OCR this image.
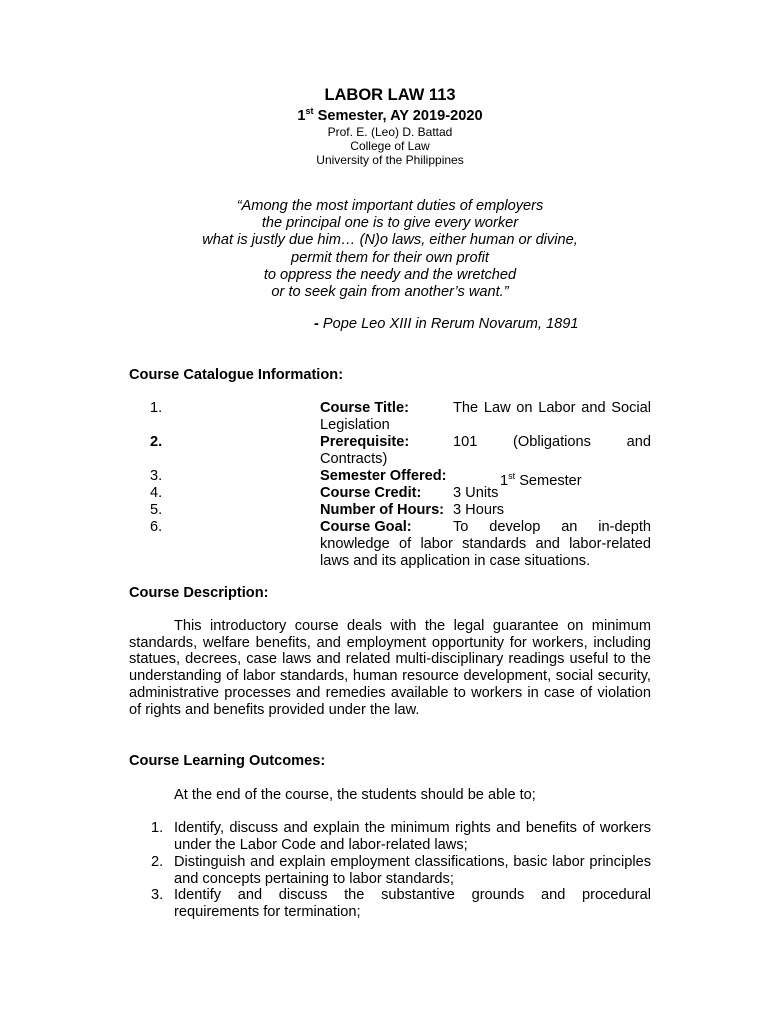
LABOR LAW 113
1st Semester, AY 2019-2020
Prof. E. (Leo) D. Battad
College of Law
University of the Philippines
“Among the most important duties of employers
the principal one is to give every worker
what is justly due him… (N)o laws, either human or divine,
permit them for their own profit
to oppress the needy and the wretched
or to seek gain from another’s want.”
- Pope Leo XIII in Rerum Novarum, 1891
Course Catalogue Information:
1.	Course Title:	The Law on Labor and Social Legislation
2.	Prerequisite:	101 (Obligations and Contracts)
3.	Semester Offered:	1st Semester
4.	Course Credit: 3 Units
5.	Number of Hours: 3 Hours
6.	Course Goal:	To develop an in-depth knowledge of labor standards and labor-related laws and its application in case situations.
Course Description:
This introductory course deals with the legal guarantee on minimum standards, welfare benefits, and employment opportunity for workers, including statues, decrees, case laws and related multi-disciplinary readings useful to the understanding of labor standards, human resource development, social security, administrative processes and remedies available to workers in case of violation of rights and benefits provided under the law.
Course Learning Outcomes:
At the end of the course, the students should be able to;
1. Identify, discuss and explain the minimum rights and benefits of workers under the Labor Code and labor-related laws;
2. Distinguish and explain employment classifications, basic labor principles and concepts pertaining to labor standards;
3. Identify and discuss the substantive grounds and procedural requirements for termination;
